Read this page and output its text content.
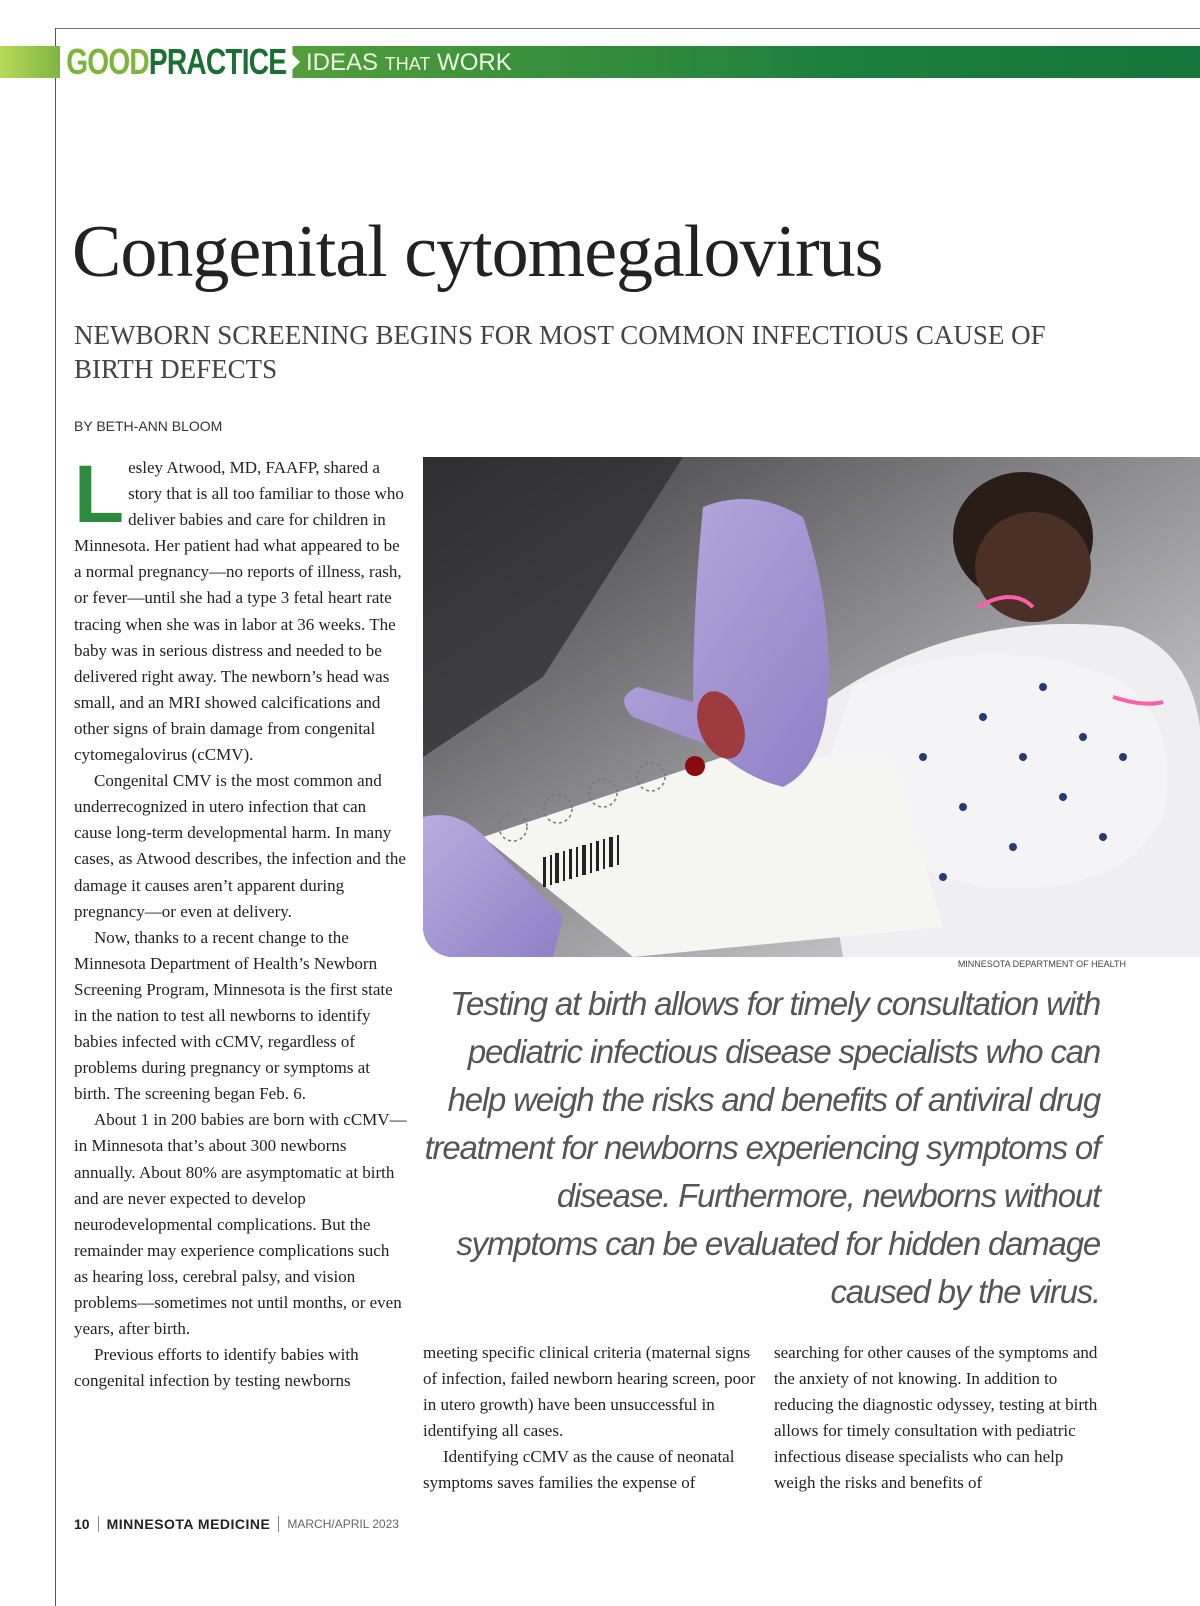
GOOD PRACTICE IDEAS THAT WORK
Congenital cytomegalovirus
NEWBORN SCREENING BEGINS FOR MOST COMMON INFECTIOUS CAUSE OF BIRTH DEFECTS
BY BETH-ANN BLOOM

Lesley Atwood, MD, FAAFP, shared a story that is all too familiar to those who deliver babies and care for children in Minnesota. Her patient had what appeared to be a normal pregnancy—no reports of illness, rash, or fever—until she had a type 3 fetal heart rate tracing when she was in labor at 36 weeks. The baby was in serious distress and needed to be delivered right away. The newborn’s head was small, and an MRI showed calcifications and other signs of brain damage from congenital cytomegalovirus (cCMV).

Congenital CMV is the most common and underrecognized in utero infection that can cause long-term developmental harm. In many cases, as Atwood describes, the infection and the damage it causes aren’t apparent during pregnancy—or even at delivery.

Now, thanks to a recent change to the Minnesota Department of Health’s Newborn Screening Program, Minnesota is the first state in the nation to test all newborns to identify babies infected with cCMV, regardless of problems during pregnancy or symptoms at birth. The screening began Feb. 6.

About 1 in 200 babies are born with cCMV—in Minnesota that’s about 300 newborns annually. About 80% are asymptomatic at birth and are never expected to develop neurodevelopmental complications. But the remainder may experience complications such as hearing loss, cerebral palsy, and vision problems—sometimes not until months, or even years, after birth.

Previous efforts to identify babies with congenital infection by testing newborns

MINNESOTA DEPARTMENT OF HEALTH

Testing at birth allows for timely consultation with pediatric infectious disease specialists who can help weigh the risks and benefits of antiviral drug treatment for newborns experiencing symptoms of disease. Furthermore, newborns without symptoms can be evaluated for hidden damage caused by the virus.

meeting specific clinical criteria (maternal signs of infection, failed newborn hearing screen, poor in utero growth) have been unsuccessful in identifying all cases.

Identifying cCMV as the cause of neonatal symptoms saves families the expense of

searching for other causes of the symptoms and the anxiety of not knowing. In addition to reducing the diagnostic odyssey, testing at birth allows for timely consultation with pediatric infectious disease specialists who can help weigh the risks and benefits of

10 MINNESOTA MEDICINE MARCH/APRIL 2023
